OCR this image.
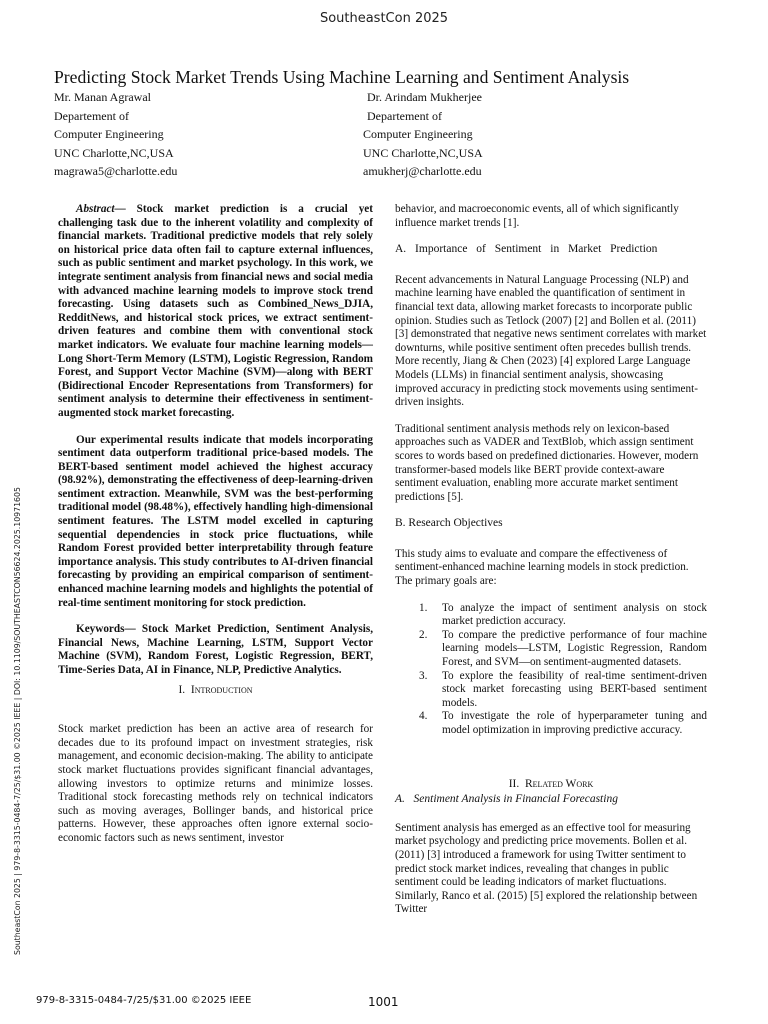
SoutheastCon 2025
Predicting Stock Market Trends Using Machine Learning and Sentiment Analysis
Mr. Manan Agrawal
Departement of
Computer Engineering
UNC Charlotte,NC,USA
magrawa5@charlotte.edu
Dr. Arindam Mukherjee
Departement of
Computer Engineering
UNC Charlotte,NC,USA
amukherj@charlotte.edu

Abstract— Stock market prediction is a crucial yet challenging task due to the inherent volatility and complexity of financial markets. Traditional predictive models that rely solely on historical price data often fail to capture external influences, such as public sentiment and market psychology. In this work, we integrate sentiment analysis from financial news and social media with advanced machine learning models to improve stock trend forecasting. Using datasets such as Combined_News_DJIA, RedditNews, and historical stock prices, we extract sentiment-driven features and combine them with conventional stock market indicators. We evaluate four machine learning models—Long Short-Term Memory (LSTM), Logistic Regression, Random Forest, and Support Vector Machine (SVM)—along with BERT (Bidirectional Encoder Representations from Transformers) for sentiment analysis to determine their effectiveness in sentiment-augmented stock market forecasting.

Our experimental results indicate that models incorporating sentiment data outperform traditional price-based models. The BERT-based sentiment model achieved the highest accuracy (98.92%), demonstrating the effectiveness of deep-learning-driven sentiment extraction. Meanwhile, SVM was the best-performing traditional model (98.48%), effectively handling high-dimensional sentiment features. The LSTM model excelled in capturing sequential dependencies in stock price fluctuations, while Random Forest provided better interpretability through feature importance analysis. This study contributes to AI-driven financial forecasting by providing an empirical comparison of sentiment-enhanced machine learning models and highlights the potential of real-time sentiment monitoring for stock prediction.

Keywords— Stock Market Prediction, Sentiment Analysis, Financial News, Machine Learning, LSTM, Support Vector Machine (SVM), Random Forest, Logistic Regression, BERT, Time-Series Data, AI in Finance, NLP, Predictive Analytics.

I. Introduction

Stock market prediction has been an active area of research for decades due to its profound impact on investment strategies, risk management, and economic decision-making. The ability to anticipate stock market fluctuations provides significant financial advantages, allowing investors to optimize returns and minimize losses. Traditional stock forecasting methods rely on technical indicators such as moving averages, Bollinger bands, and historical price patterns. However, these approaches often ignore external socio-economic factors such as news sentiment, investor

behavior, and macroeconomic events, all of which significantly influence market trends [1].

A. Importance of Sentiment in Market Prediction

Recent advancements in Natural Language Processing (NLP) and machine learning have enabled the quantification of sentiment in financial text data, allowing market forecasts to incorporate public opinion. Studies such as Tetlock (2007) [2] and Bollen et al. (2011) [3] demonstrated that negative news sentiment correlates with market downturns, while positive sentiment often precedes bullish trends. More recently, Jiang & Chen (2023) [4] explored Large Language Models (LLMs) in financial sentiment analysis, showcasing improved accuracy in predicting stock movements using sentiment-driven insights.

Traditional sentiment analysis methods rely on lexicon-based approaches such as VADER and TextBlob, which assign sentiment scores to words based on predefined dictionaries. However, modern transformer-based models like BERT provide context-aware sentiment evaluation, enabling more accurate market sentiment predictions [5].

B. Research Objectives

This study aims to evaluate and compare the effectiveness of sentiment-enhanced machine learning models in stock prediction. The primary goals are:

1. To analyze the impact of sentiment analysis on stock market prediction accuracy.
2. To compare the predictive performance of four machine learning models—LSTM, Logistic Regression, Random Forest, and SVM—on sentiment-augmented datasets.
3. To explore the feasibility of real-time sentiment-driven stock market forecasting using BERT-based sentiment models.
4. To investigate the role of hyperparameter tuning and model optimization in improving predictive accuracy.

II. Related Work

A.   Sentiment Analysis in Financial Forecasting

Sentiment analysis has emerged as an effective tool for measuring market psychology and predicting price movements. Bollen et al. (2011) [3] introduced a framework for using Twitter sentiment to predict stock market indices, revealing that changes in public sentiment could be leading indicators of market fluctuations. Similarly, Ranco et al. (2015) [5] explored the relationship between Twitter

SoutheastCon 2025 | 979-8-3315-0484-7/25/$31.00 ©2025 IEEE | DOI: 10.1109/SOUTHEASTCON56624.2025.10971605
979-8-3315-0484-7/25/$31.00 ©2025 IEEE	1001
